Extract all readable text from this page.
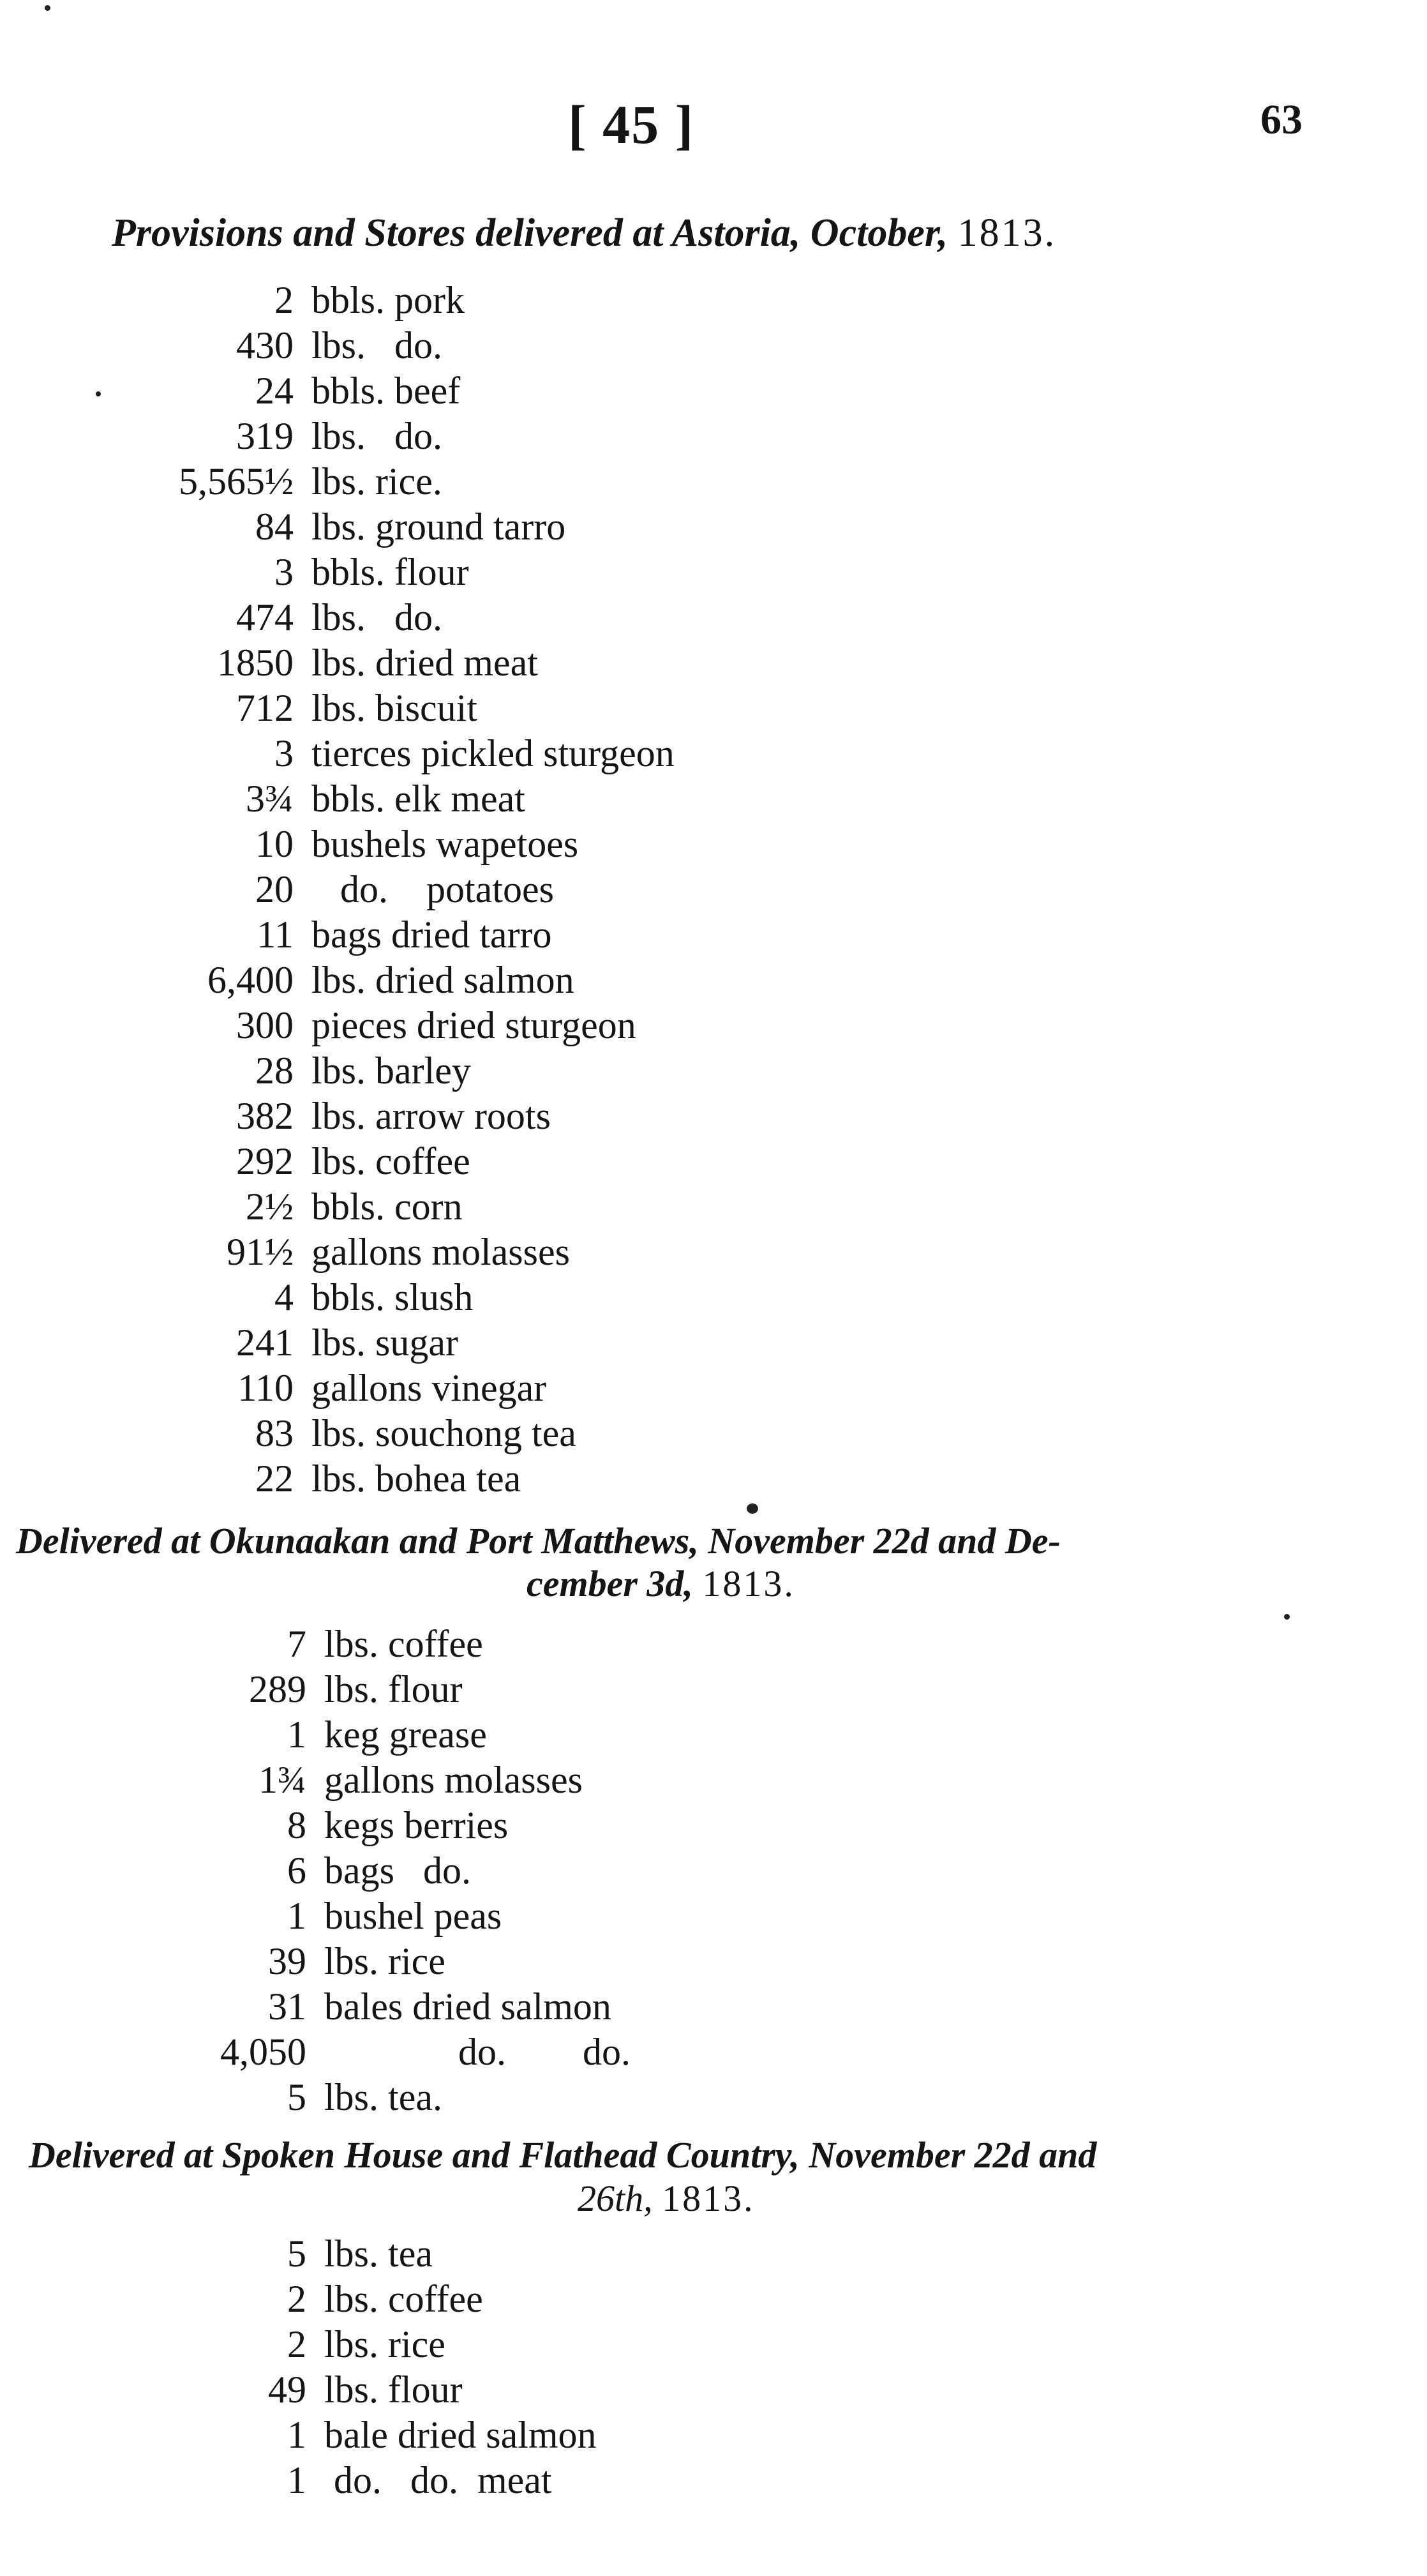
[ 45 ]	63
Provisions and Stores delivered at Astoria, October, 1813.
2 bbls. pork
430 lbs.   do.
24 bbls. beef
319 lbs.   do.
5,565½ lbs. rice.
84 lbs. ground tarro
3 bbls. flour
474 lbs.   do.
1850 lbs. dried meat
712 lbs. biscuit
3 tierces pickled sturgeon
3¾ bbls. elk meat
10 bushels wapetoes
20 do.    potatoes
11 bags dried tarro
6,400 lbs. dried salmon
300 pieces dried sturgeon
28 lbs. barley
382 lbs. arrow roots
292 lbs. coffee
2½ bbls. corn
91½ gallons molasses
4 bbls. slush
241 lbs. sugar
110 gallons vinegar
83 lbs. souchong tea
22 lbs. bohea tea
Delivered at Okunaakan and Port Matthews, November 22d and De-
cember 3d, 1813.
7 lbs. coffee
289 lbs. flour
1 keg grease
1¾ gallons molasses
8 kegs berries
6 bags   do.
1 bushel peas
39 lbs. rice
31 bales dried salmon
4,050 do.        do.
5 lbs. tea.
Delivered at Spoken House and Flathead Country, November 22d and
26th, 1813.
5 lbs. tea
2 lbs. coffee
2 lbs. rice
49 lbs. flour
1 bale dried salmon
1 do.   do.  meat
